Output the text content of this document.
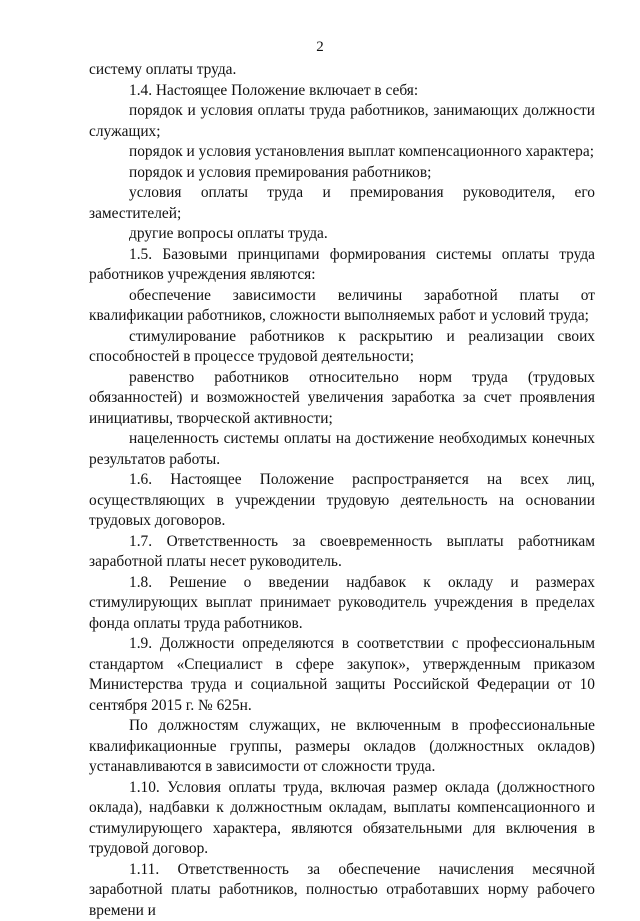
2

системy оплаты труда.

1.4. Настоящее Положение включает в себя:

порядок и условия оплаты труда работников, занимающих должности служащих;

порядок и условия установления выплат компенсационного характера;

порядок и условия премирования работников;

условия оплаты труда и премирования руководителя, его заместителей;

другие вопросы оплаты труда.

1.5. Базовыми принципами формирования системы оплаты труда работников учреждения являются:

обеспечение зависимости величины заработной платы от квалификации работников, сложности выполняемых работ и условий труда;

стимулирование работников к раскрытию и реализации своих способностей в процессе трудовой деятельности;

равенство работников относительно норм труда (трудовых обязанностей) и возможностей увеличения заработка за счет проявления инициативы, творческой активности;

нацеленность системы оплаты на достижение необходимых конечных результатов работы.

1.6. Настоящее Положение распространяется на всех лиц, осуществляющих в учреждении трудовую деятельность на основании трудовых договоров.

1.7. Ответственность за своевременность выплаты работникам заработной платы несет руководитель.

1.8. Решение о введении надбавок к окладу и размерах стимулирующих выплат принимает руководитель учреждения в пределах фонда оплаты труда работников.

1.9. Должности определяются в соответствии с профессиональным стандартом «Специалист в сфере закупок», утвержденным приказом Министерства труда и социальной защиты Российской Федерации от 10 сентября 2015 г. № 625н.

По должностям служащих, не включенным в профессиональные квалификационные группы, размеры окладов (должностных окладов) устанавливаются в зависимости от сложности труда.

1.10. Условия оплаты труда, включая размер оклада (должностного оклада), надбавки к должностным окладам, выплаты компенсационного и стимулирующего характера, являются обязательными для включения в трудовой договор.

1.11. Ответственность за обеспечение начисления месячной заработной платы работников, полностью отработавших норму рабочего времени и
